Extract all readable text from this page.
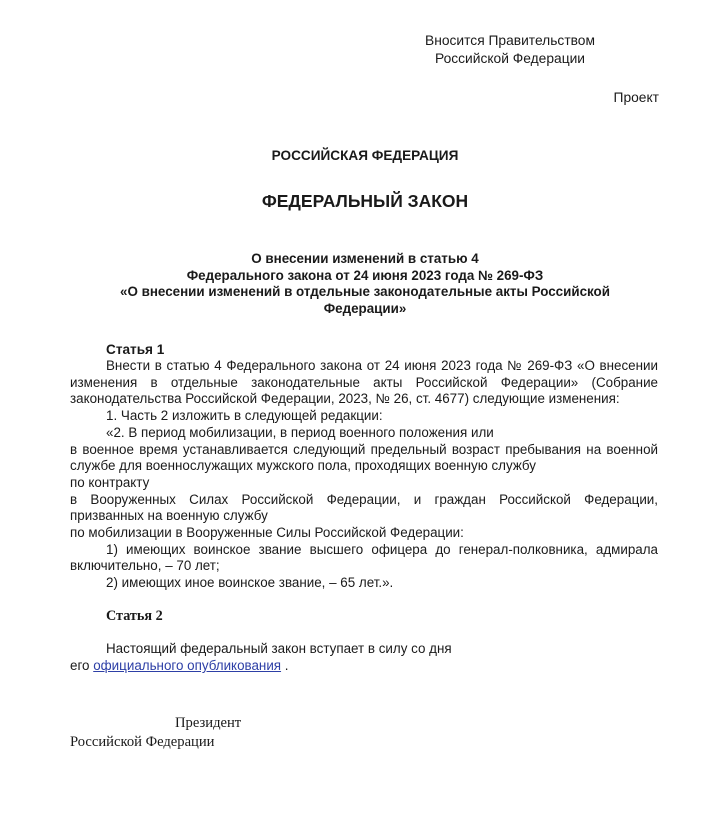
Вносится Правительством
Российской Федерации
Проект
РОССИЙСКАЯ ФЕДЕРАЦИЯ
ФЕДЕРАЛЬНЫЙ ЗАКОН
О внесении изменений в статью 4
Федерального закона от 24 июня 2023 года № 269-ФЗ
«О внесении изменений в отдельные законодательные акты Российской
Федерации»
Статья 1

Внести в статью 4 Федерального закона от 24 июня 2023 года № 269-ФЗ «О внесении изменения в отдельные законодательные акты Российской Федерации» (Собрание законодательства Российской Федерации, 2023, № 26, ст. 4677) следующие изменения:

1. Часть 2 изложить в следующей редакции:

«2. В период мобилизации, в период военного положения или

в военное время устанавливается следующий предельный возраст пребывания на военной службе для военнослужащих мужского пола, проходящих военную службу

по контракту

в Вооруженных Силах Российской Федерации, и граждан Российской Федерации, призванных на военную службу

по мобилизации в Вооруженные Силы Российской Федерации:

1) имеющих воинское звание высшего офицера до генерал-полковника, адмирала включительно, – 70 лет;

2) имеющих иное воинское звание, – 65 лет.».

Статья 2

Настоящий федеральный закон вступает в силу со дня

его официального опубликования .

Президент
Российской Федерации
